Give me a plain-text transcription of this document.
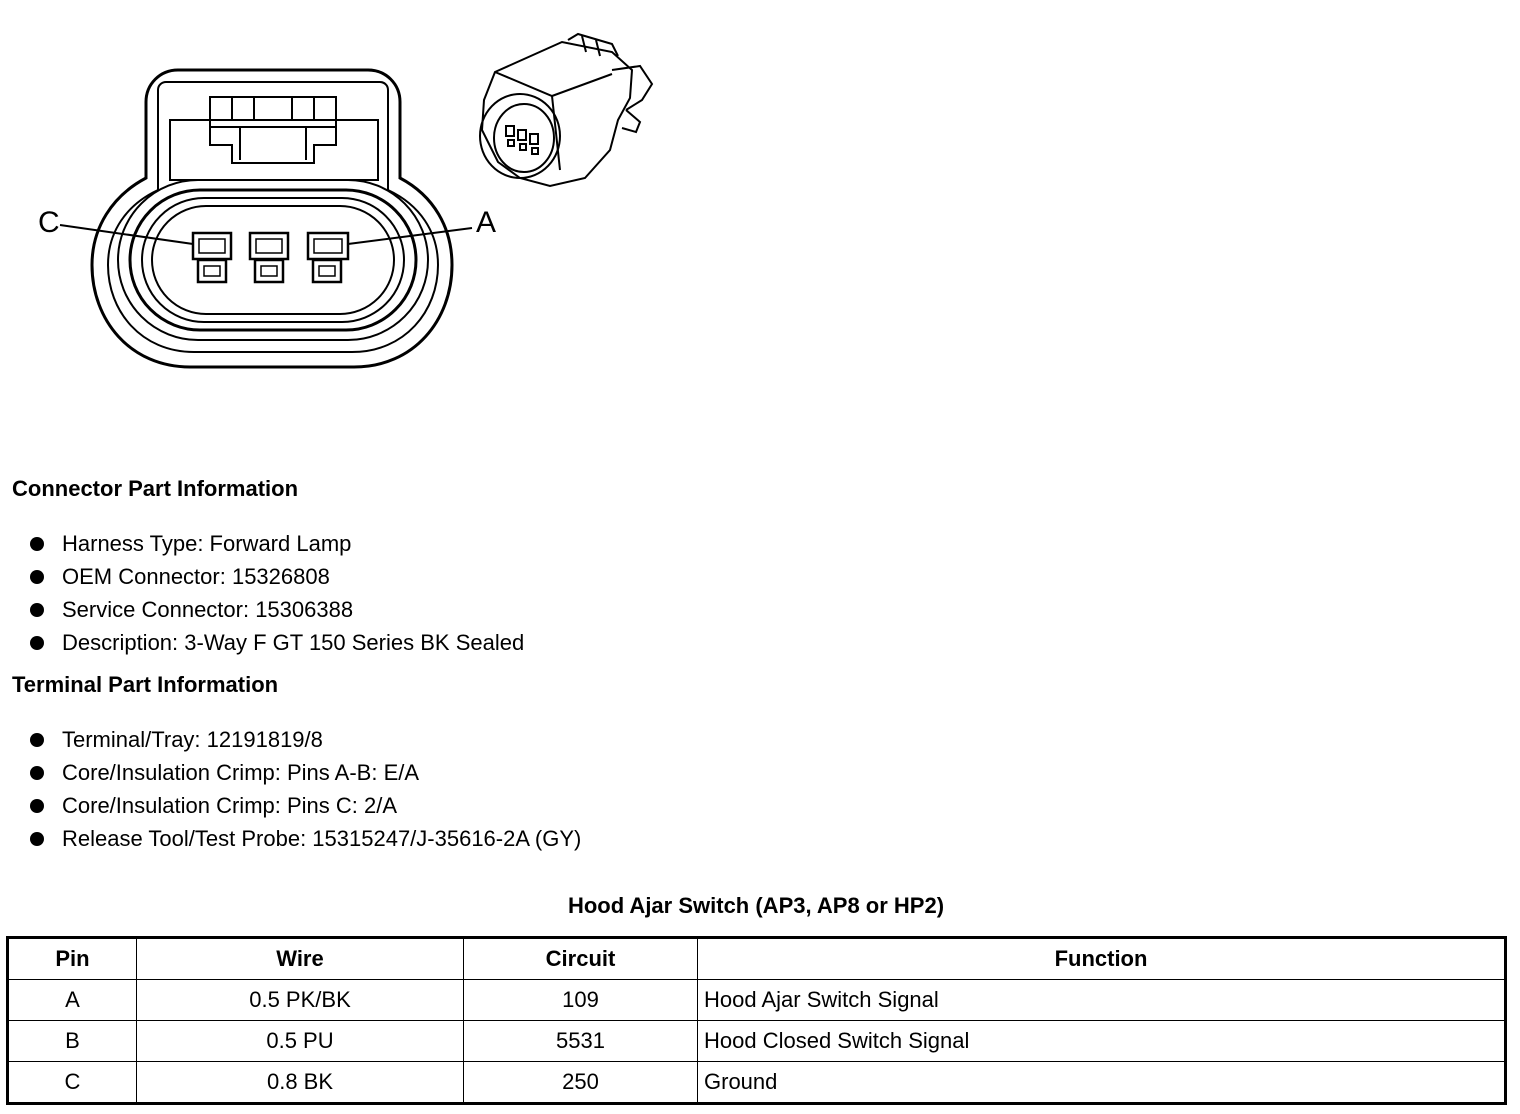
C	A
Connector Part Information
Harness Type: Forward Lamp
OEM Connector: 15326808
Service Connector: 15306388
Description: 3-Way F GT 150 Series BK Sealed
Terminal Part Information
Terminal/Tray: 12191819/8
Core/Insulation Crimp: Pins A-B: E/A
Core/Insulation Crimp: Pins C: 2/A
Release Tool/Test Probe: 15315247/J-35616-2A (GY)
Hood Ajar Switch (AP3, AP8 or HP2)
Pin	Wire	Circuit	Function
A	0.5 PK/BK	109	Hood Ajar Switch Signal
B	0.5 PU	5531	Hood Closed Switch Signal
C	0.8 BK	250	Ground
